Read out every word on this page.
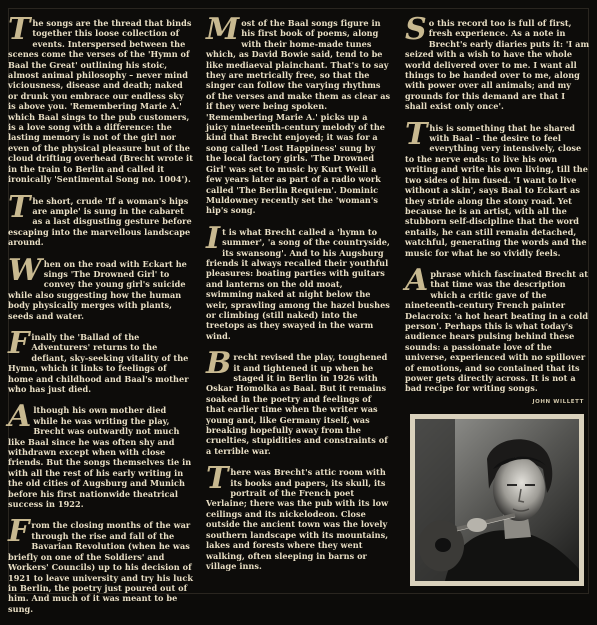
The songs are the thread that binds together this loose collection of events. Interspersed between the scenes come the verses of the 'Hymn of Baal the Great' outlining his stoic, almost animal philosophy – never mind viciousness, disease and death; naked or drunk you embrace our endless sky is above you. 'Remembering Marie A.' which Baal sings to the pub customers, is a love song with a difference: the lasting memory is not of the girl nor even of the physical pleasure but of the cloud drifting overhead (Brecht wrote it in the train to Berlin and called it ironically 'Sentimental Song no. 1004').
The short, crude 'If a woman's hips are ample' is sung in the cabaret as a last disgusting gesture before escaping into the marvellous landscape around.
When on the road with Eckart he sings 'The Drowned Girl' to convey the young girl's suicide while also suggesting how the human body physically merges with plants, seeds and water.
Finally the 'Ballad of the Adventurers' returns to the defiant, sky-seeking vitality of the Hymn, which it links to feelings of home and childhood and Baal's mother who has just died.
Although his own mother died while he was writing the play, Brecht was outwardly not much like Baal since he was often shy and withdrawn except when with close friends. But the songs themselves tie in with all the rest of his early writing in the old cities of Augsburg and Munich before his first nationwide theatrical success in 1922.
From the closing months of the war through the rise and fall of the Bavarian Revolution (when he was briefly on one of the Soldiers' and Workers' Councils) up to his decision of 1921 to leave university and try his luck in Berlin, the poetry just poured out of him. And much of it was meant to be sung.
Most of the Baal songs figure in his first book of poems, along with their home-made tunes which, as David Bowie said, tend to be like mediaeval plainchant. That's to say they are metrically free, so that the singer can follow the varying rhythms of the verses and make them as clear as if they were being spoken. 'Remembering Marie A.' picks up a juicy nineteenth-century melody of the kind that Brecht enjoyed; it was for a song called 'Lost Happiness' sung by the local factory girls. 'The Drowned Girl' was set to music by Kurt Weill a few years later as part of a radio work called 'The Berlin Requiem'. Dominic Muldowney recently set the 'woman's hip's song.
It is what Brecht called a 'hymn to summer', 'a song of the countryside, its swansong'. And to his Augsburg friends it always recalled their youthful pleasures: boating parties with guitars and lanterns on the old moat, swimming naked at night below the weir, sprawling among the hazel bushes or climbing (still naked) into the treetops as they swayed in the warm wind.
Brecht revised the play, toughened it and tightened it up when he staged it in Berlin in 1926 with Oskar Homolka as Baal. But it remains soaked in the poetry and feelings of that earlier time when the writer was young and, like Germany itself, was breaking hopefully away from the cruelties, stupidities and constraints of a terrible war.
There was Brecht's attic room with its books and papers, its skull, its portrait of the French poet Verlaine; there was the pub with its low ceilings and its nickelodeon. Close outside the ancient town was the lovely southern landscape with its mountains, lakes and forests where they went walking, often sleeping in barns or village inns.
So this record too is full of first, fresh experience. As a note in Brecht's early diaries puts it: 'I am seized with a wish to have the whole world delivered over to me. I want all things to be handed over to me, along with power over all animals; and my grounds for this demand are that I shall exist only once'.
This is something that he shared with Baal – the desire to feel everything very intensively, close to the nerve ends: to live his own writing and write his own living, till the two sides of him fused. 'I want to live without a skin', says Baal to Eckart as they stride along the stony road. Yet because he is an artist, with all the stubborn self-discipline that the word entails, he can still remain detached, watchful, generating the words and the music for what he so vividly feels.
A phrase which fascinated Brecht at that time was the description which a critic gave of the nineteenth-century French painter Delacroix: 'a hot heart beating in a cold person'. Perhaps this is what today's audience hears pulsing behind these sounds: a passionate love of the universe, experienced with no spillover of emotions, and so contained that its power gets directly across. It is not a bad recipe for writing songs.
JOHN WILLETT
